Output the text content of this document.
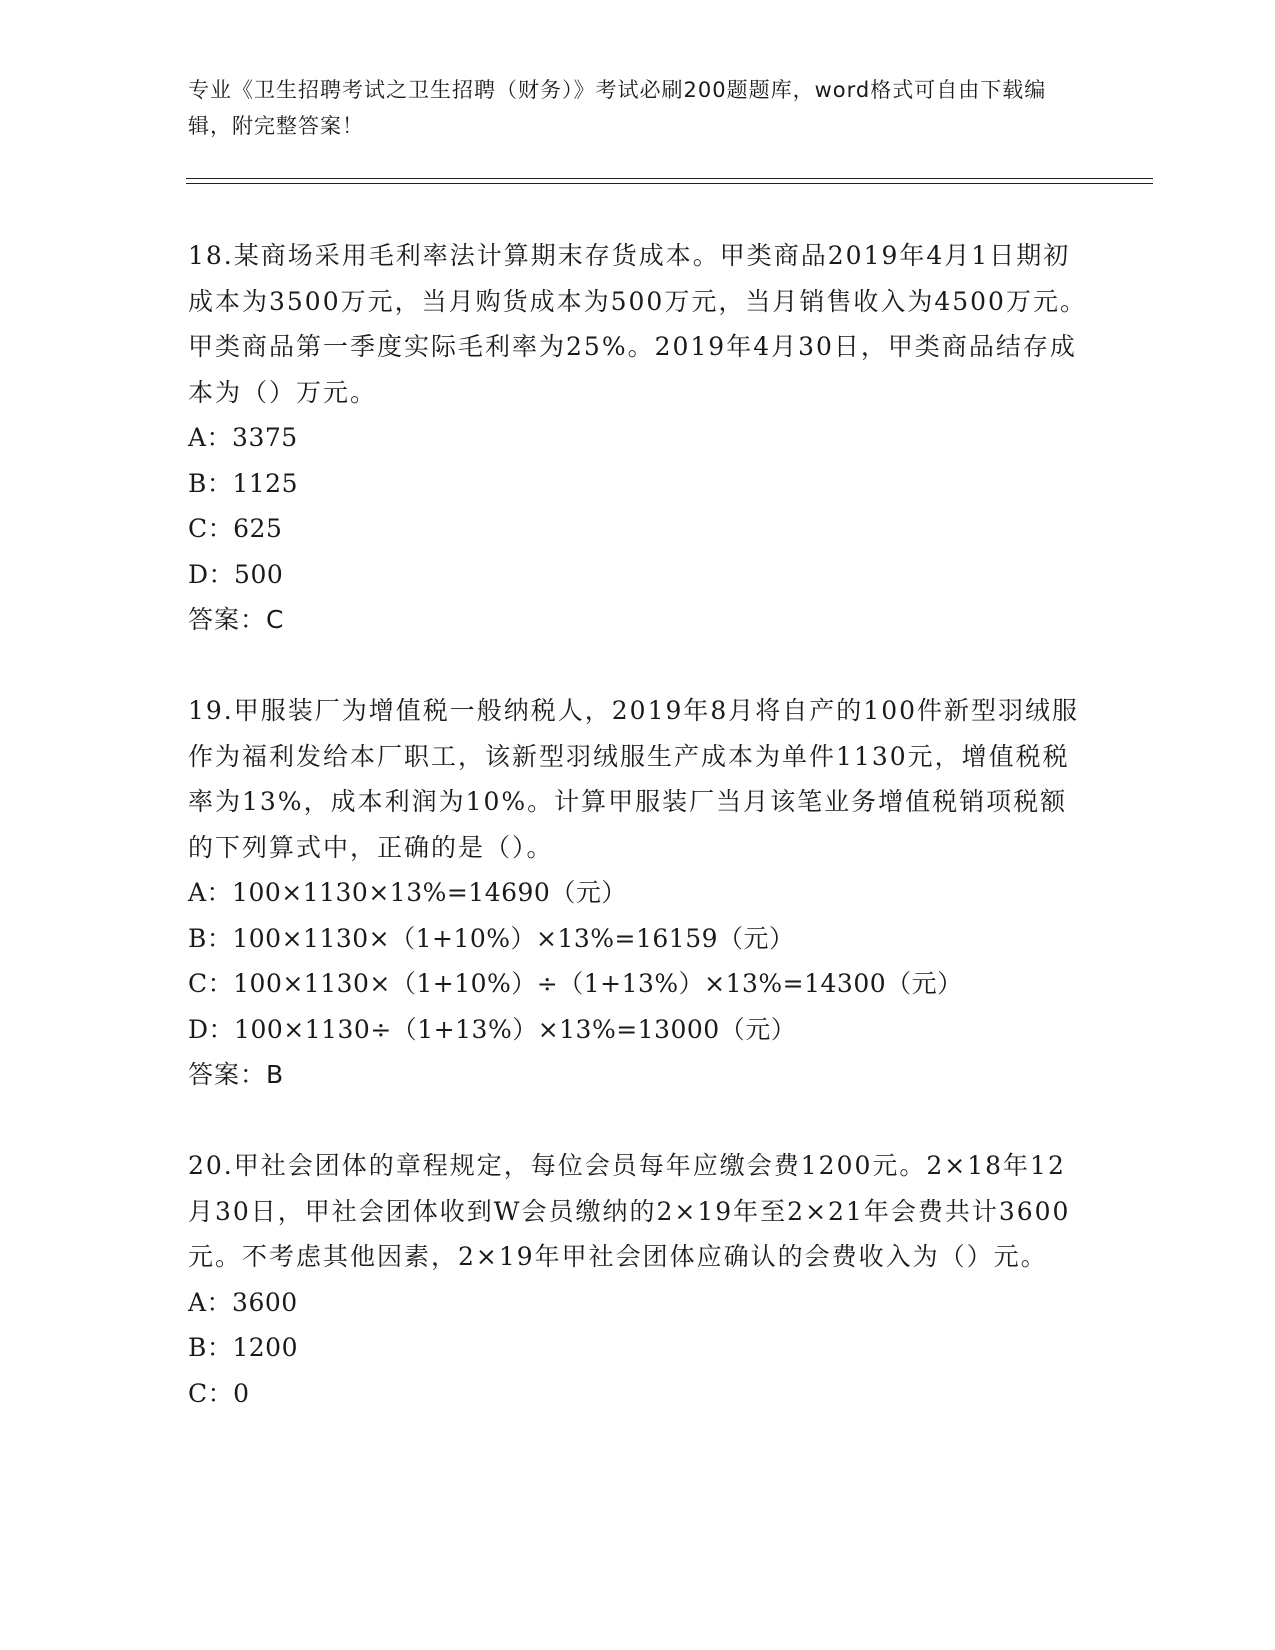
专业《卫生招聘考试之卫生招聘（财务）》考试必刷200题题库，word格式可自由下载编辑，附完整答案！

18.某商场采用毛利率法计算期末存货成本。甲类商品2019年4月1日期初成本为3500万元，当月购货成本为500万元，当月销售收入为4500万元。甲类商品第一季度实际毛利率为25%。2019年4月30日，甲类商品结存成本为（）万元。

A：3375
B：1125
C：625
D：500
答案：C

19.甲服装厂为增值税一般纳税人，2019年8月将自产的100件新型羽绒服作为福利发给本厂职工，该新型羽绒服生产成本为单件1130元，增值税税率为13%，成本利润为10%。计算甲服装厂当月该笔业务增值税销项税额的下列算式中，正确的是（）。

A：100×1130×13%=14690（元）
B：100×1130×（1+10%）×13%=16159（元）
C：100×1130×（1+10%）÷（1+13%）×13%=14300（元）
D：100×1130÷（1+13%）×13%=13000（元）
答案：B

20.甲社会团体的章程规定，每位会员每年应缴会费1200元。2×18年12月30日，甲社会团体收到W会员缴纳的2×19年至2×21年会费共计3600元。不考虑其他因素，2×19年甲社会团体应确认的会费收入为（）元。

A：3600
B：1200
C：0
